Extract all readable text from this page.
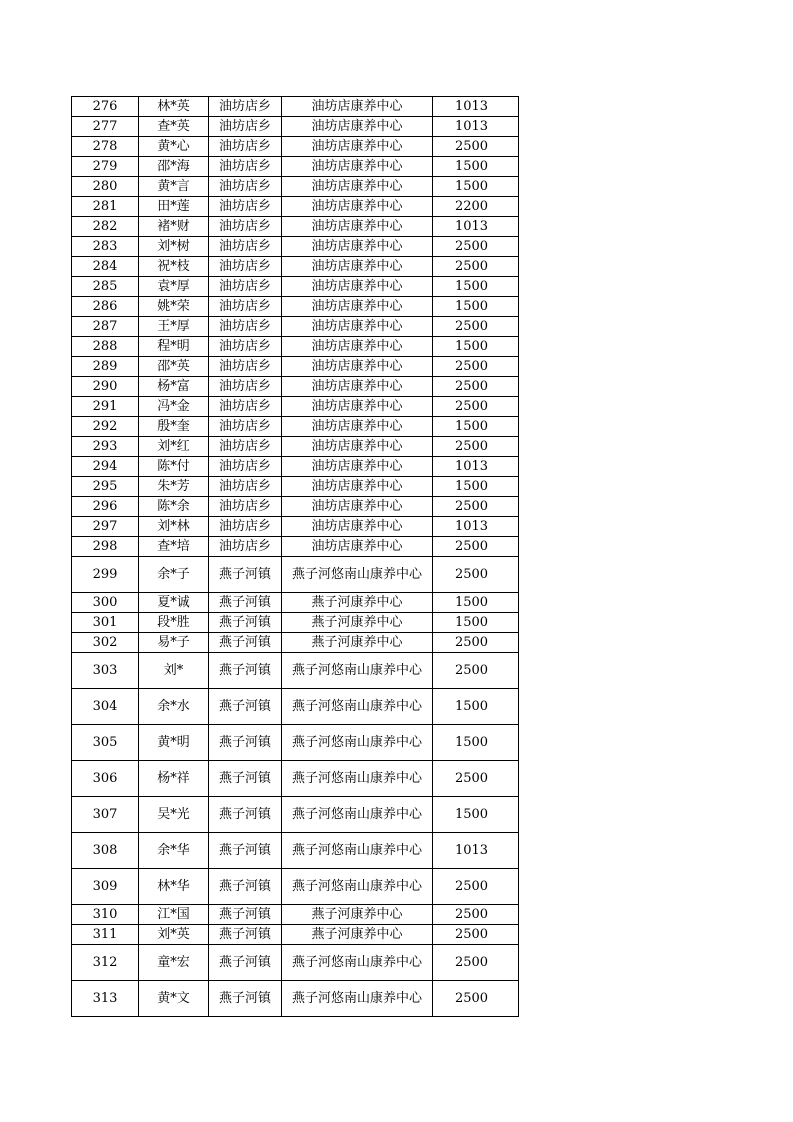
276	林*英	油坊店乡	油坊店康养中心	1013
277	查*英	油坊店乡	油坊店康养中心	1013
278	黄*心	油坊店乡	油坊店康养中心	2500
279	邵*海	油坊店乡	油坊店康养中心	1500
280	黄*言	油坊店乡	油坊店康养中心	1500
281	田*莲	油坊店乡	油坊店康养中心	2200
282	褚*财	油坊店乡	油坊店康养中心	1013
283	刘*树	油坊店乡	油坊店康养中心	2500
284	祝*枝	油坊店乡	油坊店康养中心	2500
285	袁*厚	油坊店乡	油坊店康养中心	1500
286	姚*荣	油坊店乡	油坊店康养中心	1500
287	王*厚	油坊店乡	油坊店康养中心	2500
288	程*明	油坊店乡	油坊店康养中心	1500
289	邵*英	油坊店乡	油坊店康养中心	2500
290	杨*富	油坊店乡	油坊店康养中心	2500
291	冯*金	油坊店乡	油坊店康养中心	2500
292	殷*奎	油坊店乡	油坊店康养中心	1500
293	刘*红	油坊店乡	油坊店康养中心	2500
294	陈*付	油坊店乡	油坊店康养中心	1013
295	朱*芳	油坊店乡	油坊店康养中心	1500
296	陈*余	油坊店乡	油坊店康养中心	2500
297	刘*林	油坊店乡	油坊店康养中心	1013
298	查*培	油坊店乡	油坊店康养中心	2500
299	余*子	燕子河镇	燕子河悠南山康养中心	2500
300	夏*诚	燕子河镇	燕子河康养中心	1500
301	段*胜	燕子河镇	燕子河康养中心	1500
302	易*子	燕子河镇	燕子河康养中心	2500
303	刘*	燕子河镇	燕子河悠南山康养中心	2500
304	余*水	燕子河镇	燕子河悠南山康养中心	1500
305	黄*明	燕子河镇	燕子河悠南山康养中心	1500
306	杨*祥	燕子河镇	燕子河悠南山康养中心	2500
307	吴*光	燕子河镇	燕子河悠南山康养中心	1500
308	余*华	燕子河镇	燕子河悠南山康养中心	1013
309	林*华	燕子河镇	燕子河悠南山康养中心	2500
310	江*国	燕子河镇	燕子河康养中心	2500
311	刘*英	燕子河镇	燕子河康养中心	2500
312	童*宏	燕子河镇	燕子河悠南山康养中心	2500
313	黄*文	燕子河镇	燕子河悠南山康养中心	2500
